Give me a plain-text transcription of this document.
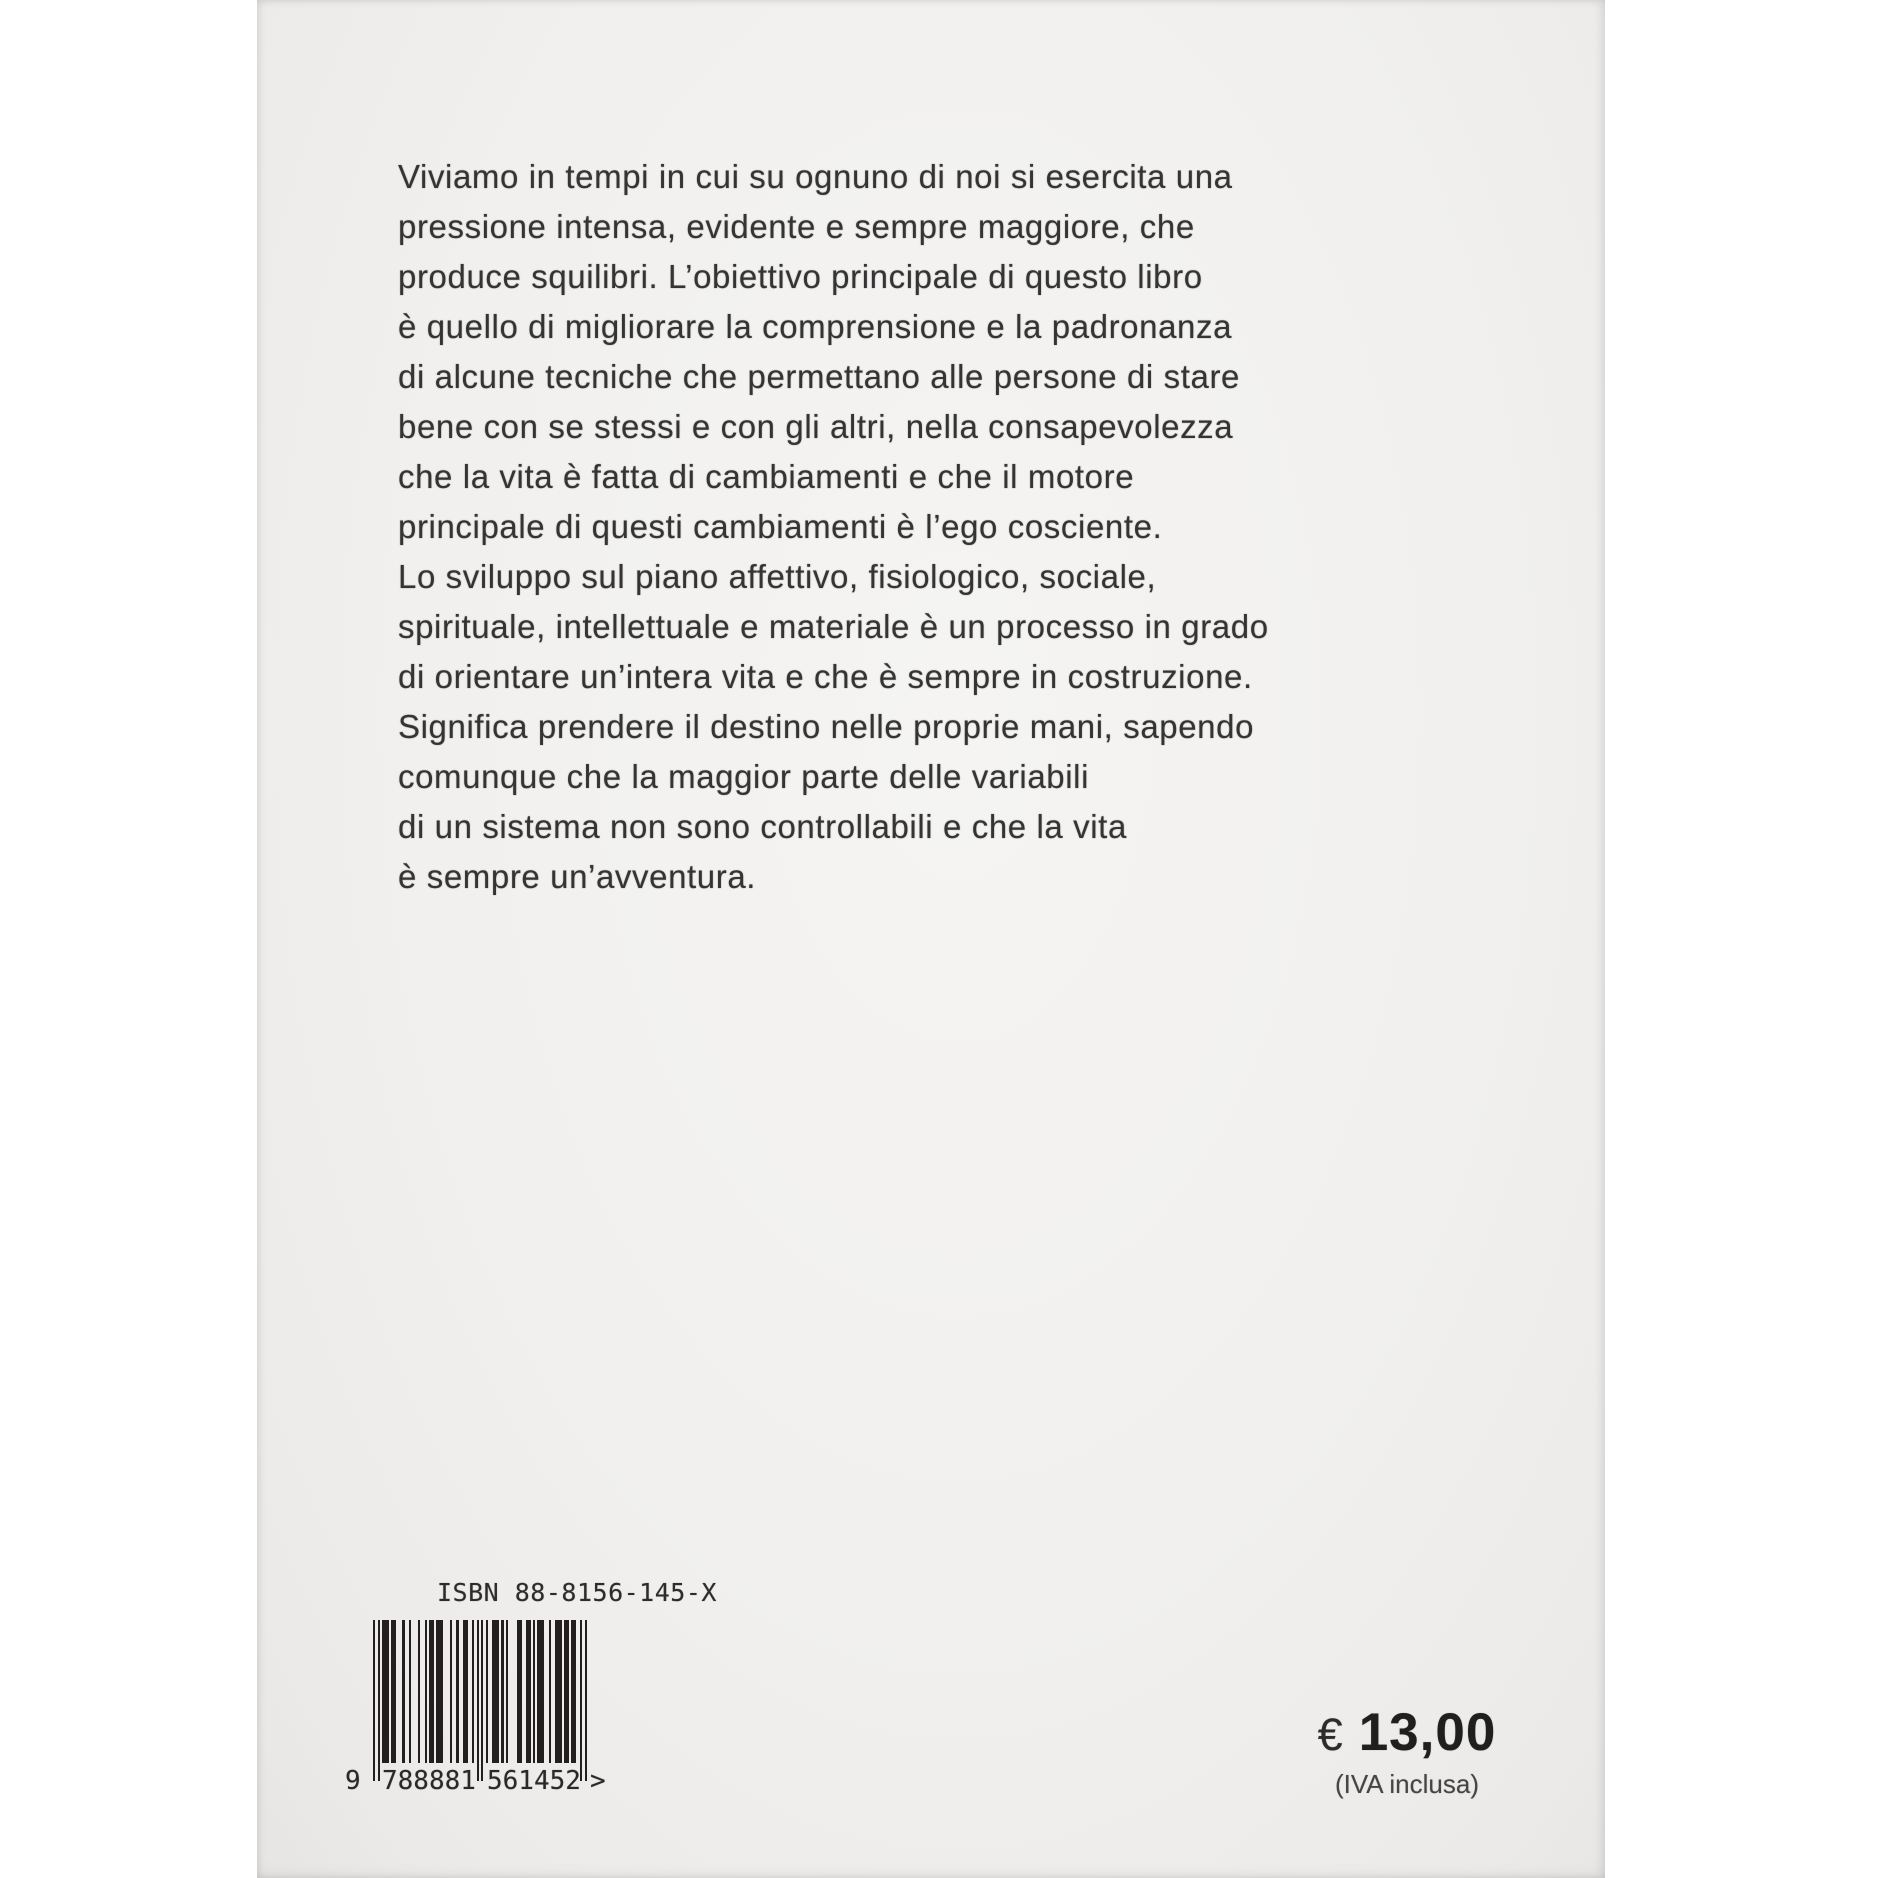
Viviamo in tempi in cui su ognuno di noi si esercita una
pressione intensa, evidente e sempre maggiore, che
produce squilibri. L’obiettivo principale di questo libro
è quello di migliorare la comprensione e la padronanza
di alcune tecniche che permettano alle persone di stare
bene con se stessi e con gli altri, nella consapevolezza
che la vita è fatta di cambiamenti e che il motore
principale di questi cambiamenti è l’ego cosciente.
Lo sviluppo sul piano affettivo, fisiologico, sociale,
spirituale, intellettuale e materiale è un processo in grado
di orientare un’intera vita e che è sempre in costruzione.
Significa prendere il destino nelle proprie mani, sapendo
comunque che la maggior parte delle variabili
di un sistema non sono controllabili e che la vita
è sempre un’avventura.
ISBN 88-8156-145-X
9 788881 561452 >
€ 13,00
(IVA inclusa)
